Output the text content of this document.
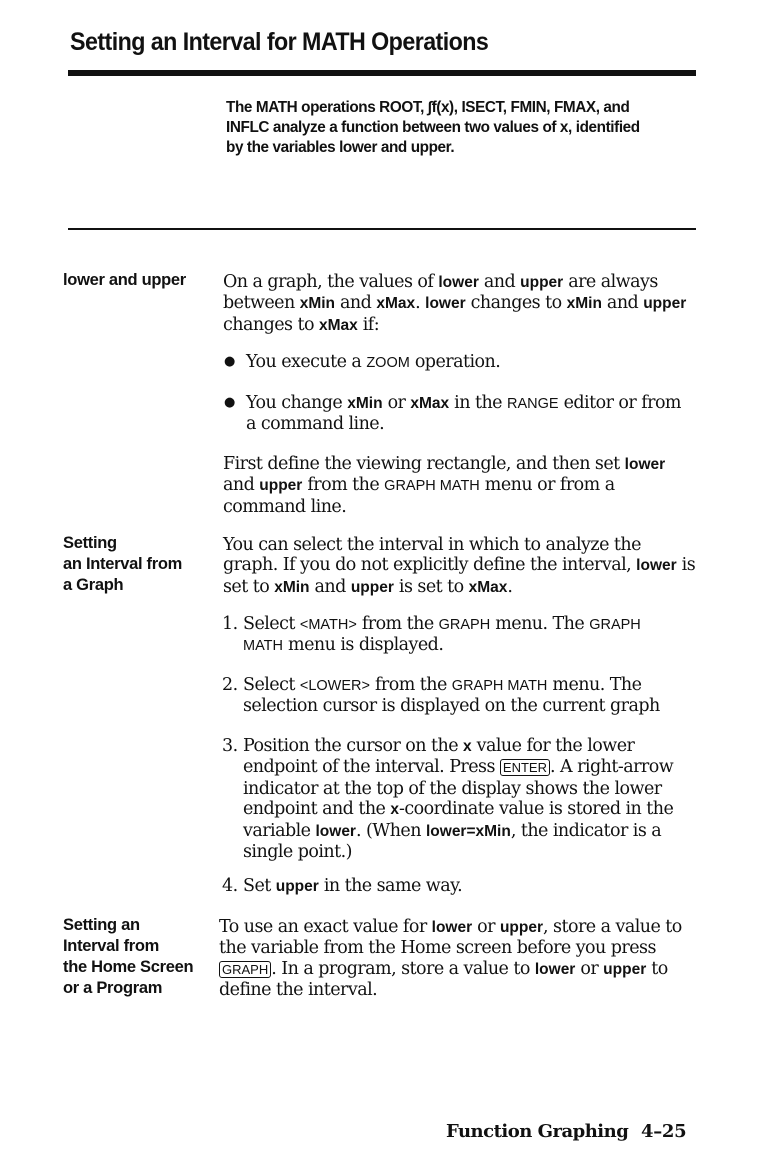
Setting an Interval for MATH Operations
The MATH operations ROOT, ∫f(x), ISECT, FMIN, FMAX, and
INFLC analyze a function between two values of x, identified
by the variables lower and upper.
lower and upper On a graph, the values of lower and upper are always between xMin and xMax. lower changes to xMin and upper changes to xMax if:

● You execute a ZOOM operation.

● You change xMin or xMax in the RANGE editor or from a command line.

First define the viewing rectangle, and then set lower and upper from the GRAPH MATH menu or from a command line.

Setting
an Interval from
a Graph

You can select the interval in which to analyze the graph. If you do not explicitly define the interval, lower is set to xMin and upper is set to xMax.

1. Select <MATH> from the GRAPH menu. The GRAPH MATH menu is displayed.

2. Select <LOWER> from the GRAPH MATH menu. The selection cursor is displayed on the current graph

3. Position the cursor on the x value for the lower endpoint of the interval. Press ENTER . A right-arrow indicator at the top of the display shows the lower endpoint and the x-coordinate value is stored in the variable lower. (When lower=xMin, the indicator is a single point.)

4. Set upper in the same way.

Setting an
Interval from
the Home Screen
or a Program

To use an exact value for lower or upper, store a value to the variable from the Home screen before you press GRAPH . In a program, store a value to lower or upper to define the interval.

Function Graphing 4–25
